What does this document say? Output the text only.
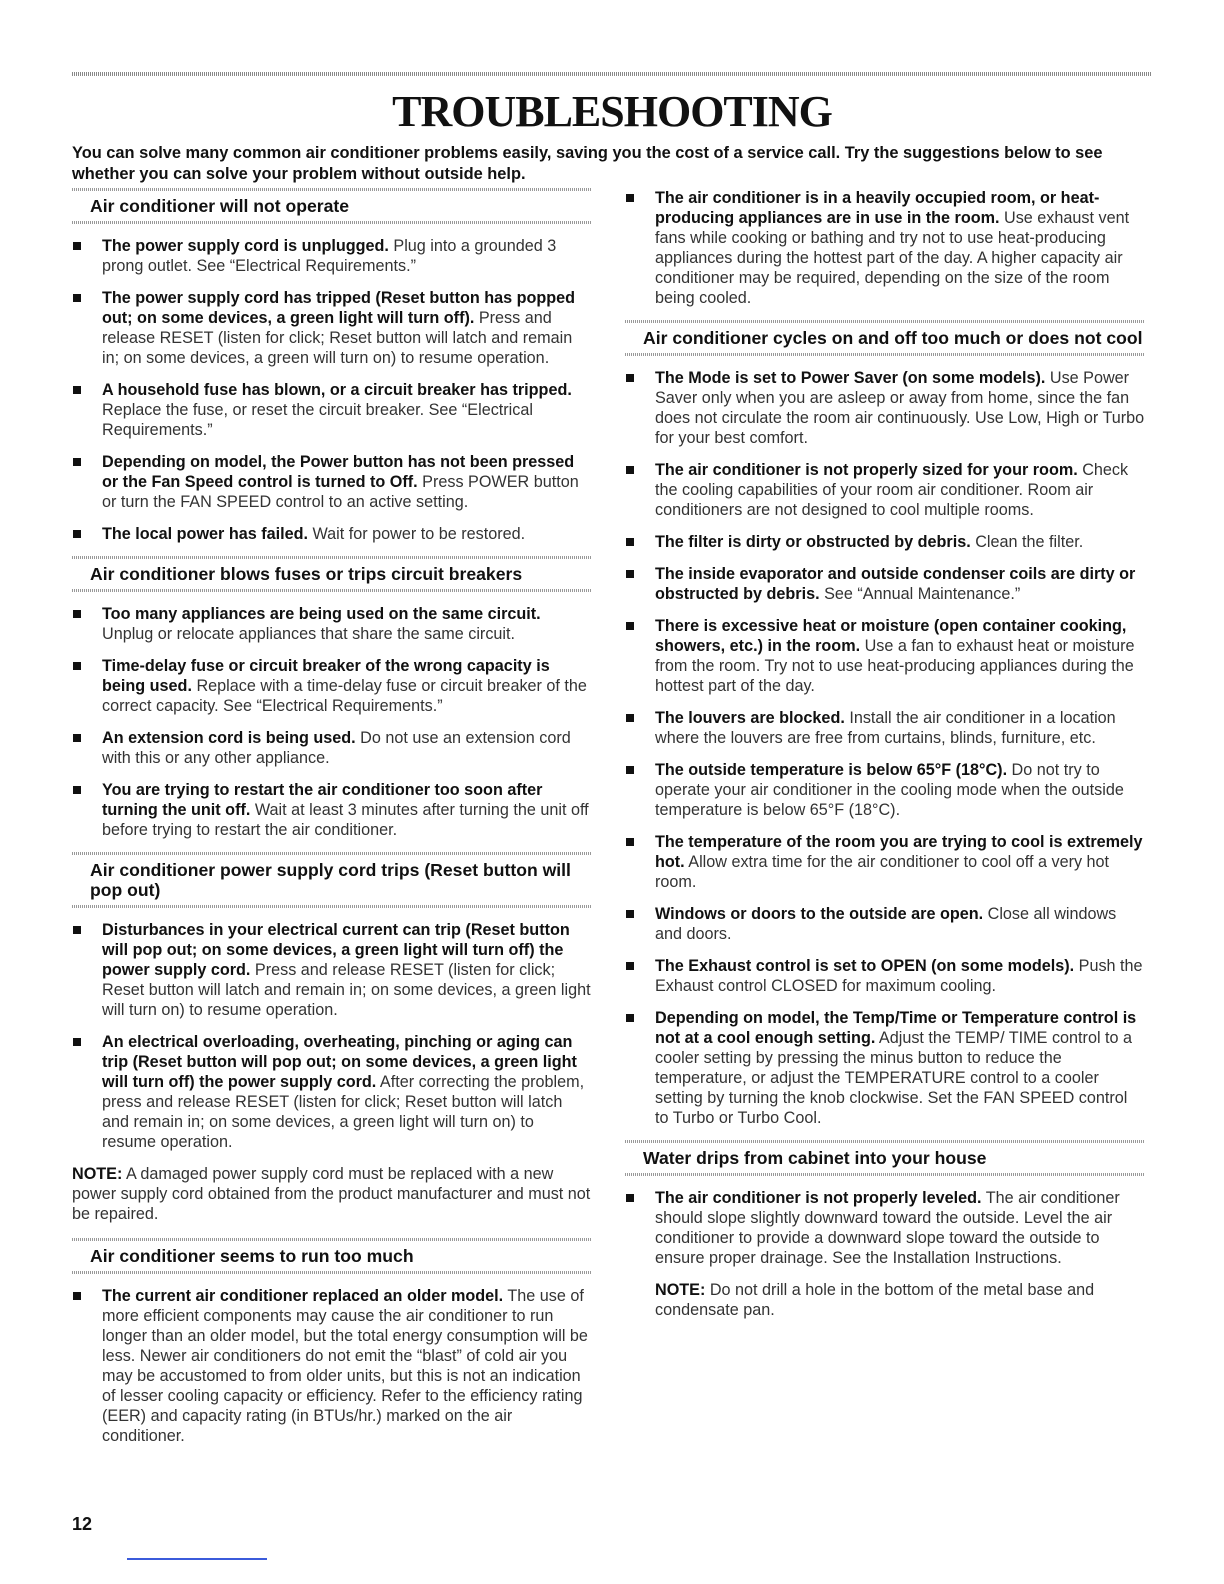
TROUBLESHOOTING

You can solve many common air conditioner problems easily, saving you the cost of a service call. Try the suggestions below to see whether you can solve your problem without outside help.

Air conditioner will not operate
The power supply cord is unplugged. Plug into a grounded 3 prong outlet. See “Electrical Requirements.”
The power supply cord has tripped (Reset button has popped out; on some devices, a green light will turn off). Press and release RESET (listen for click; Reset button will latch and remain in; on some devices, a green will turn on) to resume operation.
A household fuse has blown, or a circuit breaker has tripped. Replace the fuse, or reset the circuit breaker. See “Electrical Requirements.”
Depending on model, the Power button has not been pressed or the Fan Speed control is turned to Off. Press POWER button or turn the FAN SPEED control to an active setting.
The local power has failed. Wait for power to be restored.
Air conditioner blows fuses or trips circuit breakers
Too many appliances are being used on the same circuit. Unplug or relocate appliances that share the same circuit.
Time-delay fuse or circuit breaker of the wrong capacity is being used. Replace with a time-delay fuse or circuit breaker of the correct capacity. See “Electrical Requirements.”
An extension cord is being used. Do not use an extension cord with this or any other appliance.
You are trying to restart the air conditioner too soon after turning the unit off. Wait at least 3 minutes after turning the unit off before trying to restart the air conditioner.
Air conditioner power supply cord trips (Reset button will pop out)
Disturbances in your electrical current can trip (Reset button will pop out; on some devices, a green light will turn off) the power supply cord. Press and release RESET (listen for click; Reset button will latch and remain in; on some devices, a green light will turn on) to resume operation.
An electrical overloading, overheating, pinching or aging can trip (Reset button will pop out; on some devices, a green light will turn off) the power supply cord. After correcting the problem, press and release RESET (listen for click; Reset button will latch and remain in; on some devices, a green light will turn on) to resume operation.

NOTE: A damaged power supply cord must be replaced with a new power supply cord obtained from the product manufacturer and must not be repaired.

Air conditioner seems to run too much
The current air conditioner replaced an older model. The use of more efficient components may cause the air conditioner to run longer than an older model, but the total energy consumption will be less. Newer air conditioners do not emit the “blast” of cold air you may be accustomed to from older units, but this is not an indication of lesser cooling capacity or efficiency. Refer to the efficiency rating (EER) and capacity rating (in BTUs/hr.) marked on the air conditioner.
The air conditioner is in a heavily occupied room, or heat-producing appliances are in use in the room. Use exhaust vent fans while cooking or bathing and try not to use heat-producing appliances during the hottest part of the day. A higher capacity air conditioner may be required, depending on the size of the room being cooled.
Air conditioner cycles on and off too much or does not cool
The Mode is set to Power Saver (on some models). Use Power Saver only when you are asleep or away from home, since the fan does not circulate the room air continuously. Use Low, High or Turbo for your best comfort.
The air conditioner is not properly sized for your room. Check the cooling capabilities of your room air conditioner. Room air conditioners are not designed to cool multiple rooms.
The filter is dirty or obstructed by debris. Clean the filter.
The inside evaporator and outside condenser coils are dirty or obstructed by debris. See “Annual Maintenance.”
There is excessive heat or moisture (open container cooking, showers, etc.) in the room. Use a fan to exhaust heat or moisture from the room. Try not to use heat-producing appliances during the hottest part of the day.
The louvers are blocked. Install the air conditioner in a location where the louvers are free from curtains, blinds, furniture, etc.
The outside temperature is below 65°F (18°C). Do not try to operate your air conditioner in the cooling mode when the outside temperature is below 65°F (18°C).
The temperature of the room you are trying to cool is extremely hot. Allow extra time for the air conditioner to cool off a very hot room.
Windows or doors to the outside are open. Close all windows and doors.
The Exhaust control is set to OPEN (on some models). Push the Exhaust control CLOSED for maximum cooling.
Depending on model, the Temp/Time or Temperature control is not at a cool enough setting. Adjust the TEMP/ TIME control to a cooler setting by pressing the minus button to reduce the temperature, or adjust the TEMPERATURE control to a cooler setting by turning the knob clockwise. Set the FAN SPEED control to Turbo or Turbo Cool.
Water drips from cabinet into your house
The air conditioner is not properly leveled. The air conditioner should slope slightly downward toward the outside. Level the air conditioner to provide a downward slope toward the outside to ensure proper drainage. See the Installation Instructions.

NOTE: Do not drill a hole in the bottom of the metal base and condensate pan.

12
